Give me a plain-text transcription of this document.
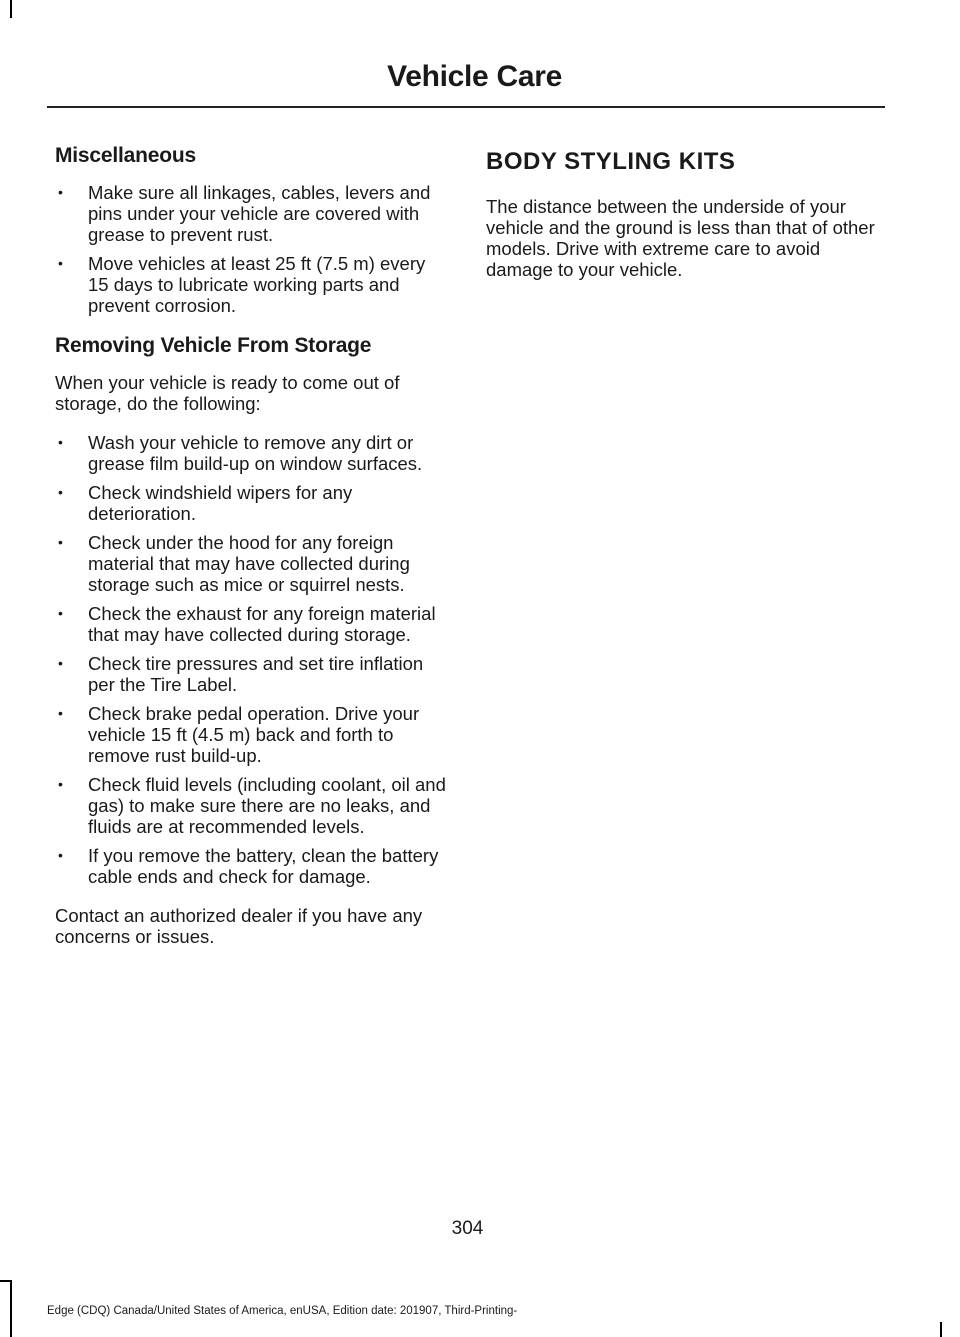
Vehicle Care
Miscellaneous
• Make sure all linkages, cables, levers and pins under your vehicle are covered with grease to prevent rust.
• Move vehicles at least 25 ft (7.5 m) every 15 days to lubricate working parts and prevent corrosion.
Removing Vehicle From Storage

When your vehicle is ready to come out of storage, do the following:

• Wash your vehicle to remove any dirt or grease film build-up on window surfaces.
• Check windshield wipers for any deterioration.
• Check under the hood for any foreign material that may have collected during storage such as mice or squirrel nests.
• Check the exhaust for any foreign material that may have collected during storage.
• Check tire pressures and set tire inflation per the Tire Label.
• Check brake pedal operation. Drive your vehicle 15 ft (4.5 m) back and forth to remove rust build-up.
• Check fluid levels (including coolant, oil and gas) to make sure there are no leaks, and fluids are at recommended levels.
• If you remove the battery, clean the battery cable ends and check for damage.

Contact an authorized dealer if you have any concerns or issues.

BODY STYLING KITS

The distance between the underside of your vehicle and the ground is less than that of other models. Drive with extreme care to avoid damage to your vehicle.

304
Edge (CDQ) Canada/United States of America, enUSA, Edition date: 201907, Third-Printing-
